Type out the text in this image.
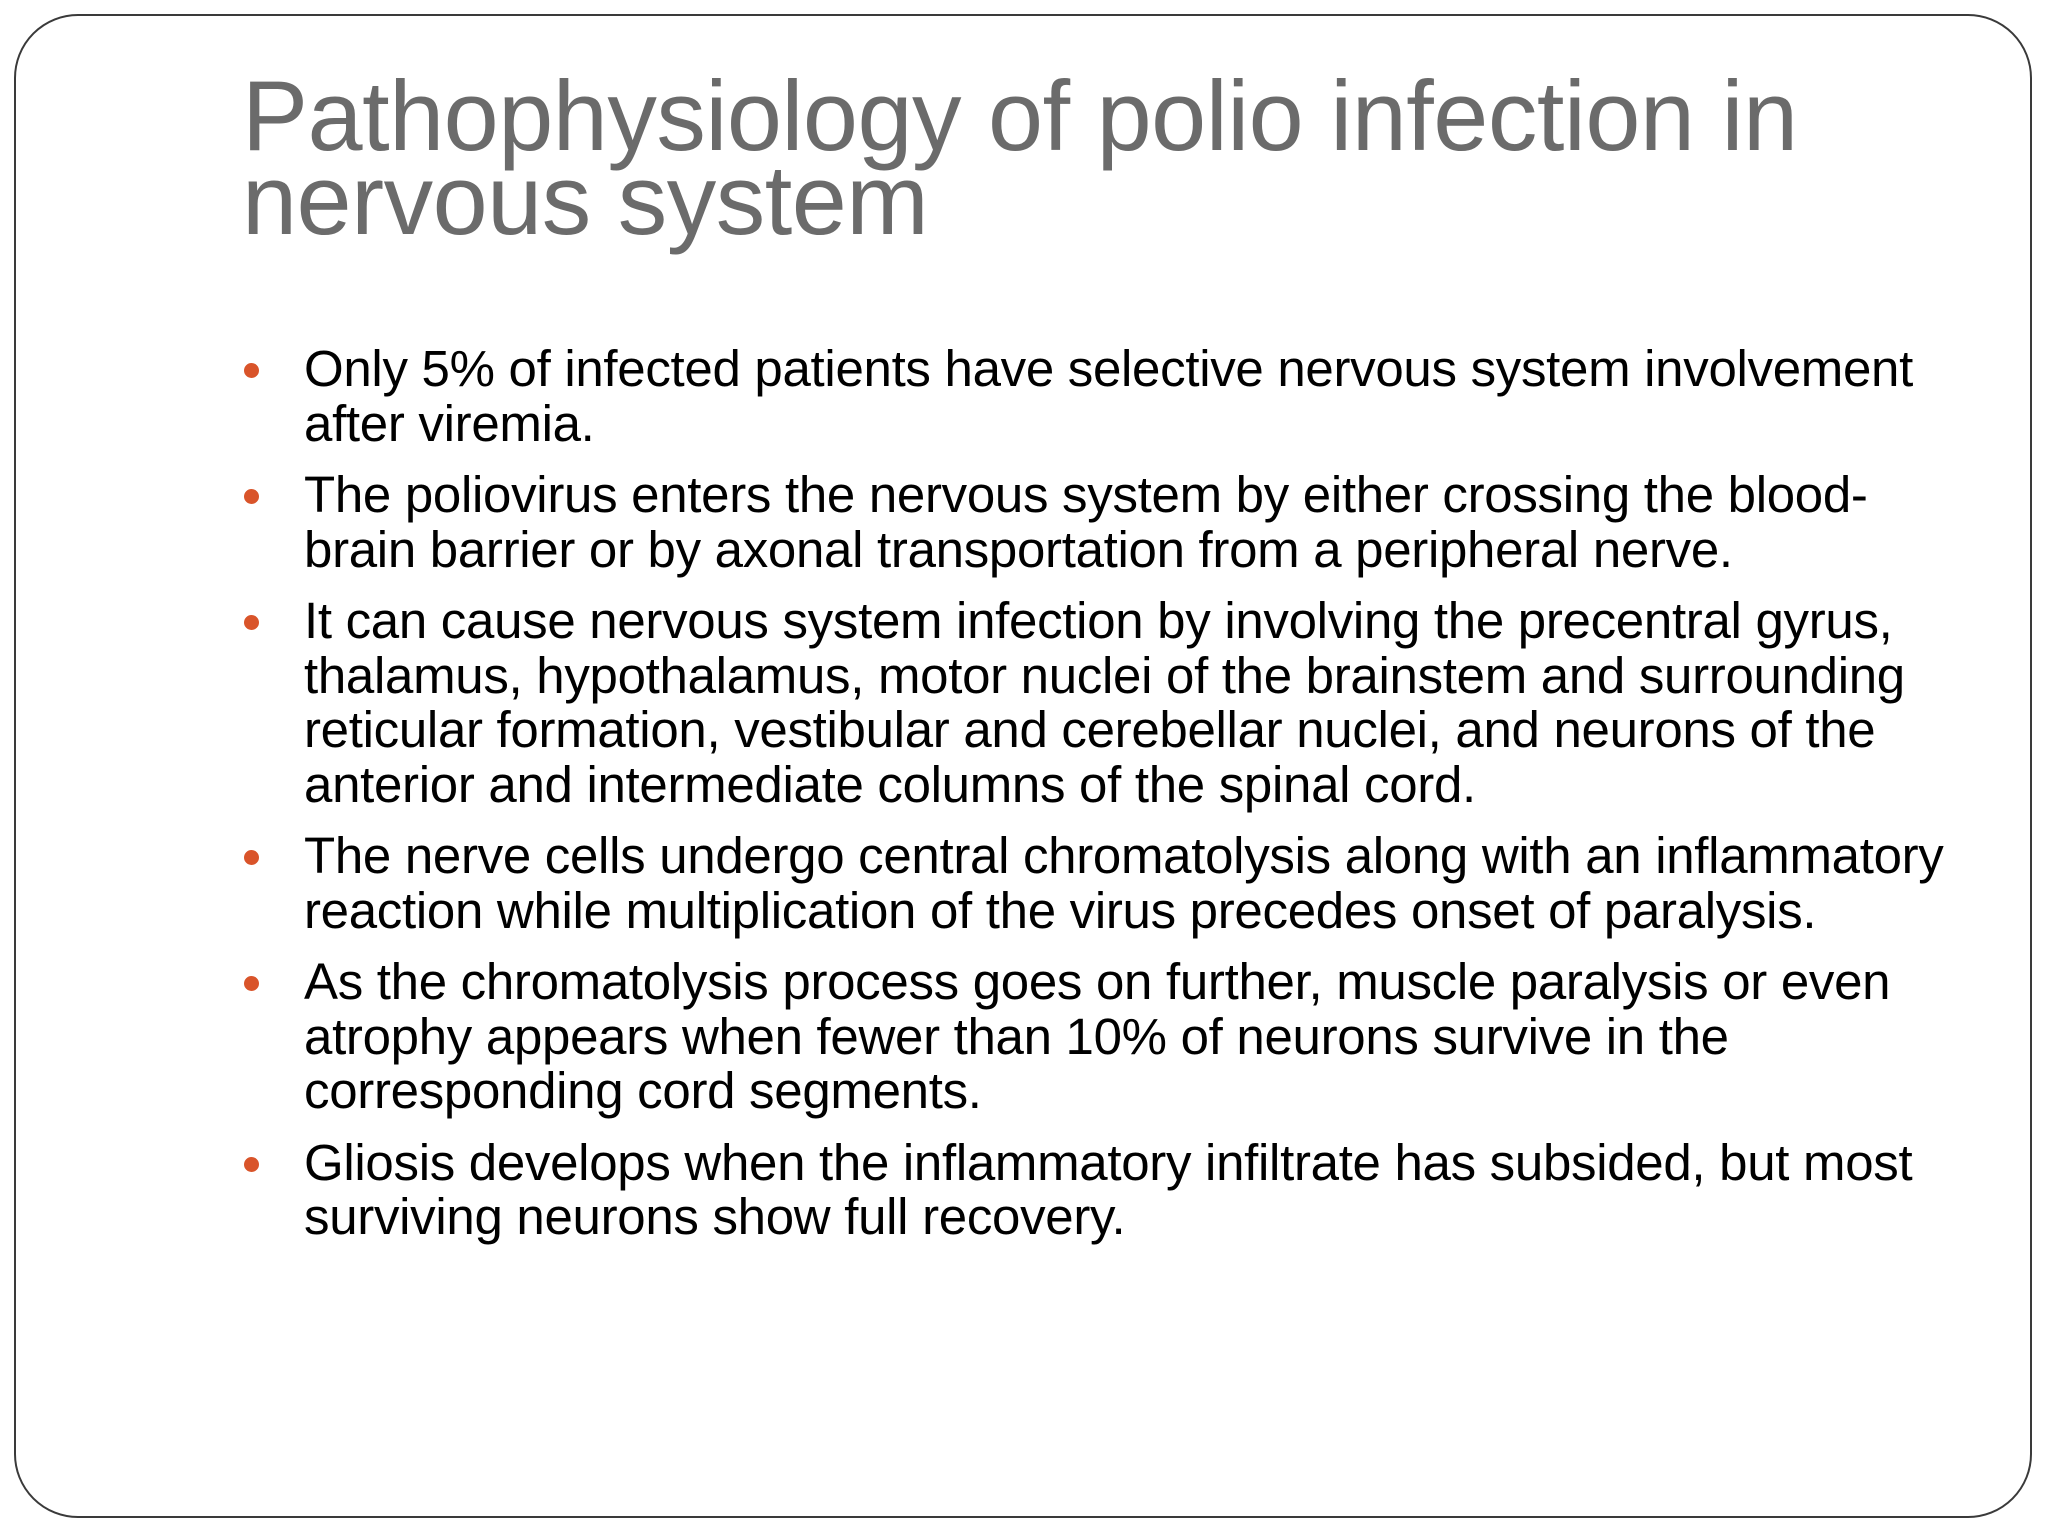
Pathophysiology of polio infection in
nervous system
Only 5% of infected patients have selective nervous system involvement after viremia.
The poliovirus enters the nervous system by either crossing the blood-brain barrier or by axonal transportation from a peripheral nerve.
It can cause nervous system infection by involving the precentral gyrus, thalamus, hypothalamus, motor nuclei of the brainstem and surrounding reticular formation, vestibular and cerebellar nuclei, and neurons of the anterior and intermediate columns of the spinal cord.
The nerve cells undergo central chromatolysis along with an inflammatory reaction while multiplication of the virus precedes onset of paralysis.
As the chromatolysis process goes on further, muscle paralysis or even atrophy appears when fewer than 10% of neurons survive in the corresponding cord segments.
Gliosis develops when the inflammatory infiltrate has subsided, but most surviving neurons show full recovery.
